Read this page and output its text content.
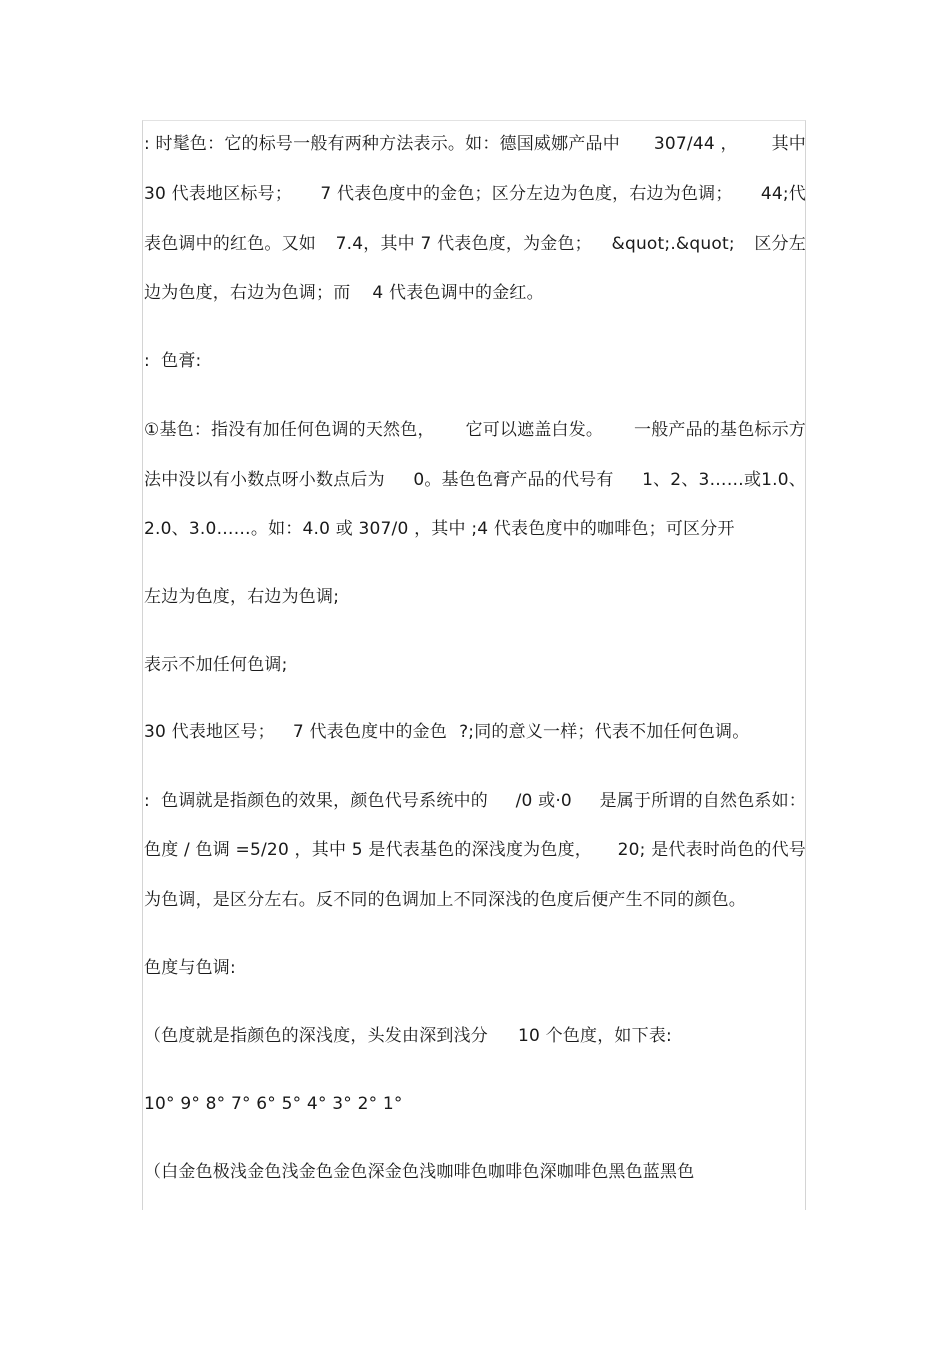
: 时髦色：它的标号一般有两种方法表示。如：德国威娜产品中 307/44 ， 其中
30 代表地区标号； 7 代表色度中的金色；区分左边为色度，右边为色调； 44;代
表色调中的红色。又如 7.4，其中 7 代表色度，为金色； &quot;.&quot; 区分左
边为色度，右边为色调；而 4 代表色调中的金红。
:  色膏:
①基色：指没有加任何色调的天然色， 它可以遮盖白发。 一般产品的基色标示方
法中没以有小数点呀小数点后为 0。基色色膏产品的代号有 1、2、3……或1.0、
2.0、3.0……。如：4.0 或 307/0 ，其中 ;4 代表色度中的咖啡色；可区分开
左边为色度，右边为色调;
表示不加任何色调;
30 代表地区号； 7 代表色度中的金色 ?;同的意义一样；代表不加任何色调。
:  色调就是指颜色的效果，颜色代号系统中的 /0 或·0 是属于所谓的自然色系如：
色度 / 色调 =5/20 ，其中 5 是代表基色的深浅度为色度， 20; 是代表时尚色的代号
为色调，是区分左右。反不同的色调加上不同深浅的色度后便产生不同的颜色。
色度与色调:
（色度就是指颜色的深浅度，头发由深到浅分 10 个色度，如下表:
10° 9° 8° 7° 6° 5° 4° 3° 2° 1°
（白金色极浅金色浅金色金色深金色浅咖啡色咖啡色深咖啡色黑色蓝黑色
